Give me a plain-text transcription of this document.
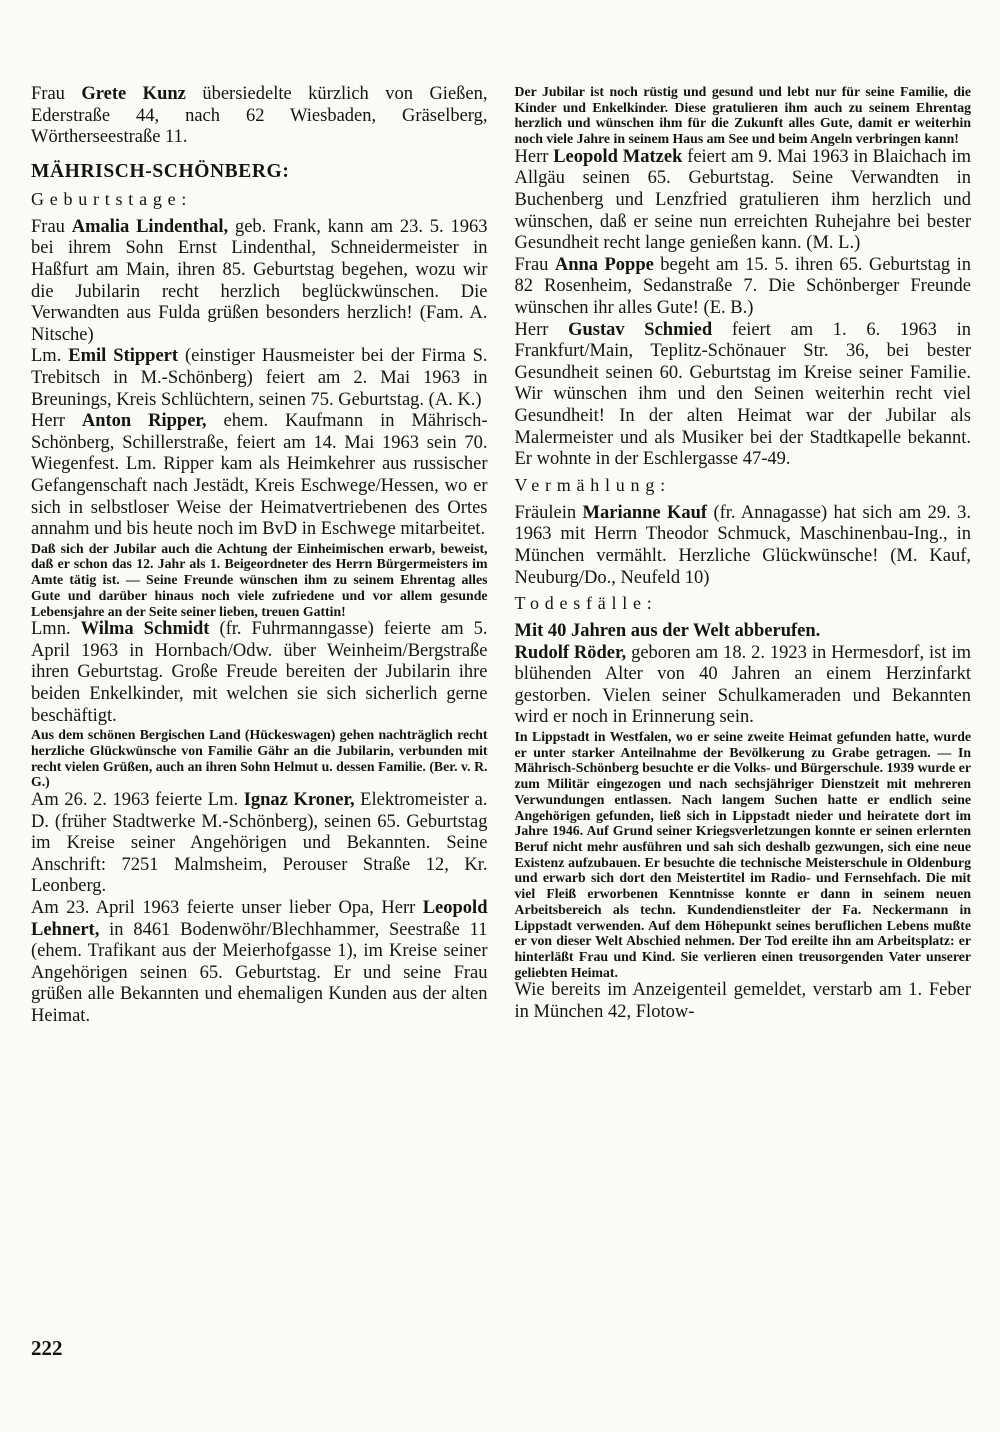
Frau Grete Kunz übersiedelte kürzlich von Gießen, Ederstraße 44, nach 62 Wiesbaden, Gräselberg, Wörtherseestraße 11.

MÄHRISCH-SCHÖNBERG:

Geburtstage:

Frau Amalia Lindenthal, geb. Frank, kann am 23. 5. 1963 bei ihrem Sohn Ernst Lindenthal, Schneidermeister in Haßfurt am Main, ihren 85. Geburtstag begehen, wozu wir die Jubilarin recht herzlich beglückwünschen. Die Verwandten aus Fulda grüßen besonders herzlich! (Fam. A. Nitsche)

Lm. Emil Stippert (einstiger Hausmeister bei der Firma S. Trebitsch in M.-Schönberg) feiert am 2. Mai 1963 in Breunings, Kreis Schlüchtern, seinen 75. Geburtstag. (A. K.)

Herr Anton Ripper, ehem. Kaufmann in Mährisch-Schönberg, Schillerstraße, feiert am 14. Mai 1963 sein 70. Wiegenfest. Lm. Ripper kam als Heimkehrer aus russischer Gefangenschaft nach Jestädt, Kreis Eschwege/Hessen, wo er sich in selbstloser Weise der Heimatvertriebenen des Ortes annahm und bis heute noch im BvD in Eschwege mitarbeitet.

Daß sich der Jubilar auch die Achtung der Einheimischen erwarb, beweist, daß er schon das 12. Jahr als 1. Beigeordneter des Herrn Bürgermeisters im Amte tätig ist. — Seine Freunde wünschen ihm zu seinem Ehrentag alles Gute und darüber hinaus noch viele zufriedene und vor allem gesunde Lebensjahre an der Seite seiner lieben, treuen Gattin!

Lmn. Wilma Schmidt (fr. Fuhrmanngasse) feierte am 5. April 1963 in Hornbach/Odw. über Weinheim/Bergstraße ihren Geburtstag. Große Freude bereiten der Jubilarin ihre beiden Enkelkinder, mit welchen sie sich sicherlich gerne beschäftigt.

Aus dem schönen Bergischen Land (Hückeswagen) gehen nachträglich recht herzliche Glückwünsche von Familie Gähr an die Jubilarin, verbunden mit recht vielen Grüßen, auch an ihren Sohn Helmut u. dessen Familie. (Ber. v. R. G.)

Am 26. 2. 1963 feierte Lm. Ignaz Kroner, Elektromeister a. D. (früher Stadtwerke M.-Schönberg), seinen 65. Geburtstag im Kreise seiner Angehörigen und Bekannten. Seine Anschrift: 7251 Malmsheim, Perouser Straße 12, Kr. Leonberg.

Am 23. April 1963 feierte unser lieber Opa, Herr Leopold Lehnert, in 8461 Bodenwöhr/Blechhammer, Seestraße 11 (ehem. Trafikant aus der Meierhofgasse 1), im Kreise seiner Angehörigen seinen 65. Geburtstag. Er und seine Frau grüßen alle Bekannten und ehemaligen Kunden aus der alten Heimat.

Der Jubilar ist noch rüstig und gesund und lebt nur für seine Familie, die Kinder und Enkelkinder. Diese gratulieren ihm auch zu seinem Ehrentag herzlich und wünschen ihm für die Zukunft alles Gute, damit er weiterhin noch viele Jahre in seinem Haus am See und beim Angeln verbringen kann!

Herr Leopold Matzek feiert am 9. Mai 1963 in Blaichach im Allgäu seinen 65. Geburtstag. Seine Verwandten in Buchenberg und Lenzfried gratulieren ihm herzlich und wünschen, daß er seine nun erreichten Ruhejahre bei bester Gesundheit recht lange genießen kann. (M. L.)

Frau Anna Poppe begeht am 15. 5. ihren 65. Geburtstag in 82 Rosenheim, Sedanstraße 7. Die Schönberger Freunde wünschen ihr alles Gute! (E. B.)

Herr Gustav Schmied feiert am 1. 6. 1963 in Frankfurt/Main, Teplitz-Schönauer Str. 36, bei bester Gesundheit seinen 60. Geburtstag im Kreise seiner Familie. Wir wünschen ihm und den Seinen weiterhin recht viel Gesundheit! In der alten Heimat war der Jubilar als Malermeister und als Musiker bei der Stadtkapelle bekannt. Er wohnte in der Eschlergasse 47-49.

Vermählung:

Fräulein Marianne Kauf (fr. Annagasse) hat sich am 29. 3. 1963 mit Herrn Theodor Schmuck, Maschinenbau-Ing., in München vermählt. Herzliche Glückwünsche! (M. Kauf, Neuburg/Do., Neufeld 10)

Todesfälle:

Mit 40 Jahren aus der Welt abberufen.

Rudolf Röder, geboren am 18. 2. 1923 in Hermesdorf, ist im blühenden Alter von 40 Jahren an einem Herzinfarkt gestorben. Vielen seiner Schulkameraden und Bekannten wird er noch in Erinnerung sein.

In Lippstadt in Westfalen, wo er seine zweite Heimat gefunden hatte, wurde er unter starker Anteilnahme der Bevölkerung zu Grabe getragen. — In Mährisch-Schönberg besuchte er die Volks- und Bürgerschule. 1939 wurde er zum Militär eingezogen und nach sechsjähriger Dienstzeit mit mehreren Verwundungen entlassen. Nach langem Suchen hatte er endlich seine Angehörigen gefunden, ließ sich in Lippstadt nieder und heiratete dort im Jahre 1946. Auf Grund seiner Kriegsverletzungen konnte er seinen erlernten Beruf nicht mehr ausführen und sah sich deshalb gezwungen, sich eine neue Existenz aufzubauen. Er besuchte die technische Meisterschule in Oldenburg und erwarb sich dort den Meistertitel im Radio- und Fernsehfach. Die mit viel Fleiß erworbenen Kenntnisse konnte er dann in seinem neuen Arbeitsbereich als techn. Kundendienstleiter der Fa. Neckermann in Lippstadt verwenden. Auf dem Höhepunkt seines beruflichen Lebens mußte er von dieser Welt Abschied nehmen. Der Tod ereilte ihn am Arbeitsplatz: er hinterläßt Frau und Kind. Sie verlieren einen treusorgenden Vater unserer geliebten Heimat.

Wie bereits im Anzeigenteil gemeldet, verstarb am 1. Feber in München 42, Flotow-

222
